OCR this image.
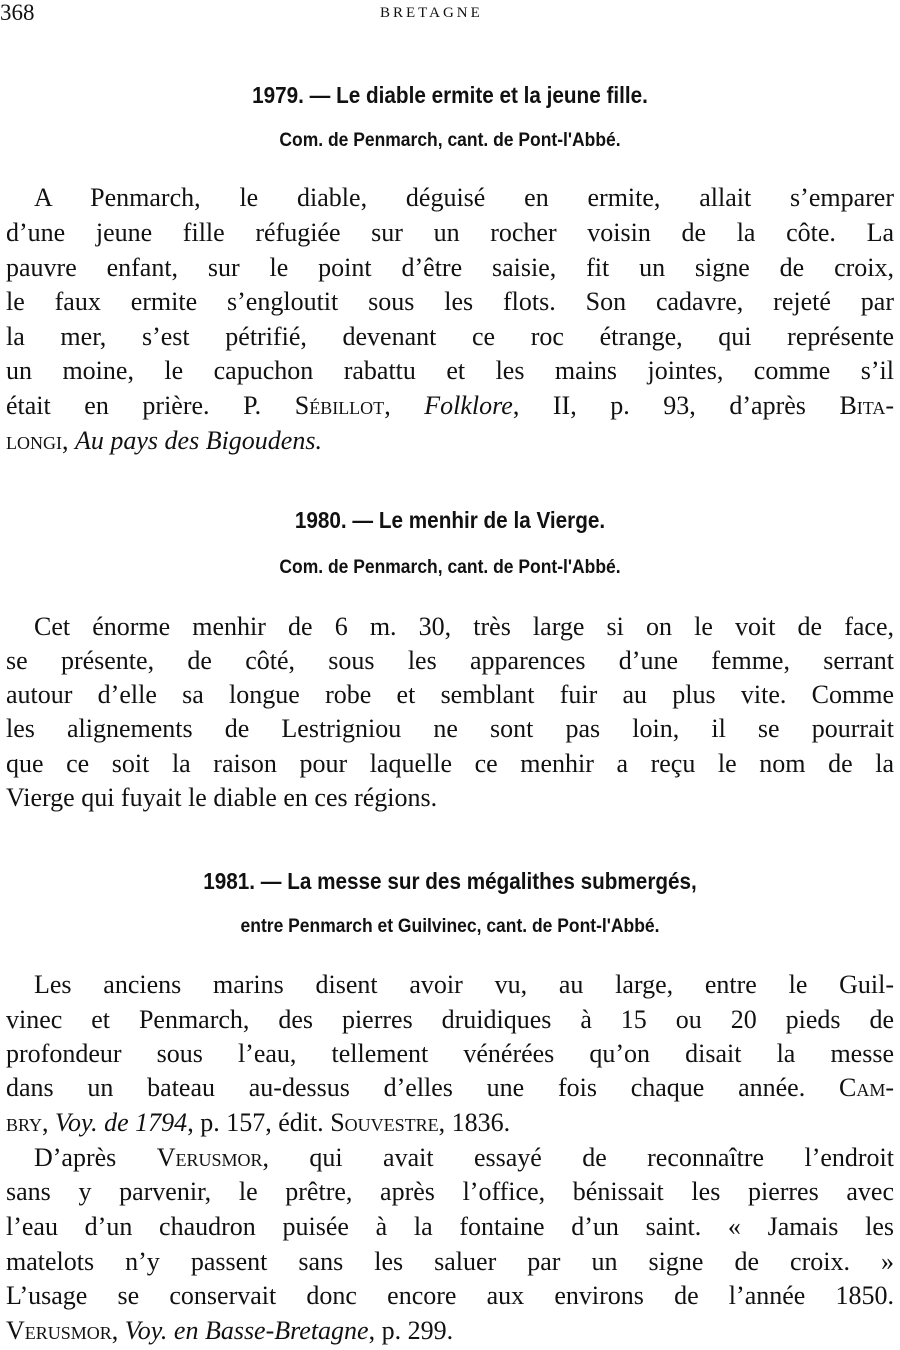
368	BRETAGNE
1979. — Le diable ermite et la jeune fille.
Com. de Penmarch, cant. de Pont-l'Abbé.
A Penmarch, le diable, déguisé en ermite, allait s’emparer
d’une jeune fille réfugiée sur un rocher voisin de la côte. La
pauvre enfant, sur le point d’être saisie, fit un signe de croix,
le faux ermite s’engloutit sous les flots. Son cadavre, rejeté par
la mer, s’est pétrifié, devenant ce roc étrange, qui représente
un moine, le capuchon rabattu et les mains jointes, comme s’il
était en prière. P. Sébillot, Folklore, II, p. 93, d’après Bita-
longi, Au pays des Bigoudens.
1980. — Le menhir de la Vierge.
Com. de Penmarch, cant. de Pont-l'Abbé.
Cet énorme menhir de 6 m. 30, très large si on le voit de face,
se présente, de côté, sous les apparences d’une femme, serrant
autour d’elle sa longue robe et semblant fuir au plus vite. Comme
les alignements de Lestrigniou ne sont pas loin, il se pourrait
que ce soit la raison pour laquelle ce menhir a reçu le nom de la
Vierge qui fuyait le diable en ces régions.
1981. — La messe sur des mégalithes submergés,
entre Penmarch et Guilvinec, cant. de Pont-l'Abbé.
Les anciens marins disent avoir vu, au large, entre le Guil-
vinec et Penmarch, des pierres druidiques à 15 ou 20 pieds de
profondeur sous l’eau, tellement vénérées qu’on disait la messe
dans un bateau au-dessus d’elles une fois chaque année. Cam-
bry, Voy. de 1794, p. 157, édit. Souvestre, 1836.
D’après Verusmor, qui avait essayé de reconnaître l’endroit
sans y parvenir, le prêtre, après l’office, bénissait les pierres avec
l’eau d’un chaudron puisée à la fontaine d’un saint. « Jamais les
matelots n’y passent sans les saluer par un signe de croix. »
L’usage se conservait donc encore aux environs de l’année 1850.
Verusmor, Voy. en Basse-Bretagne, p. 299.
